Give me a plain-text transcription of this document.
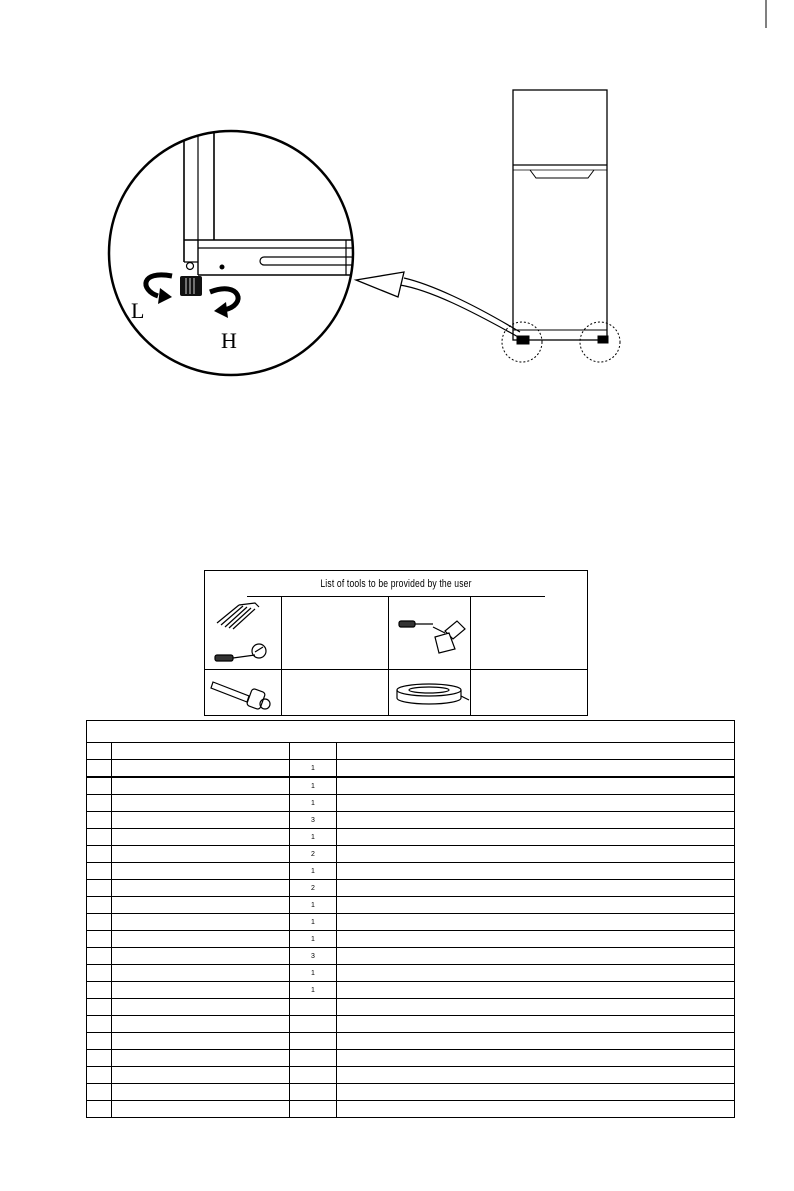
L
H
List of tools to be provided by the user

		1	
		1	
		1	
		3	
		1	
		2	
		1	
		2	
		1	
		1	
		1	
		3	
		1	
		1	
